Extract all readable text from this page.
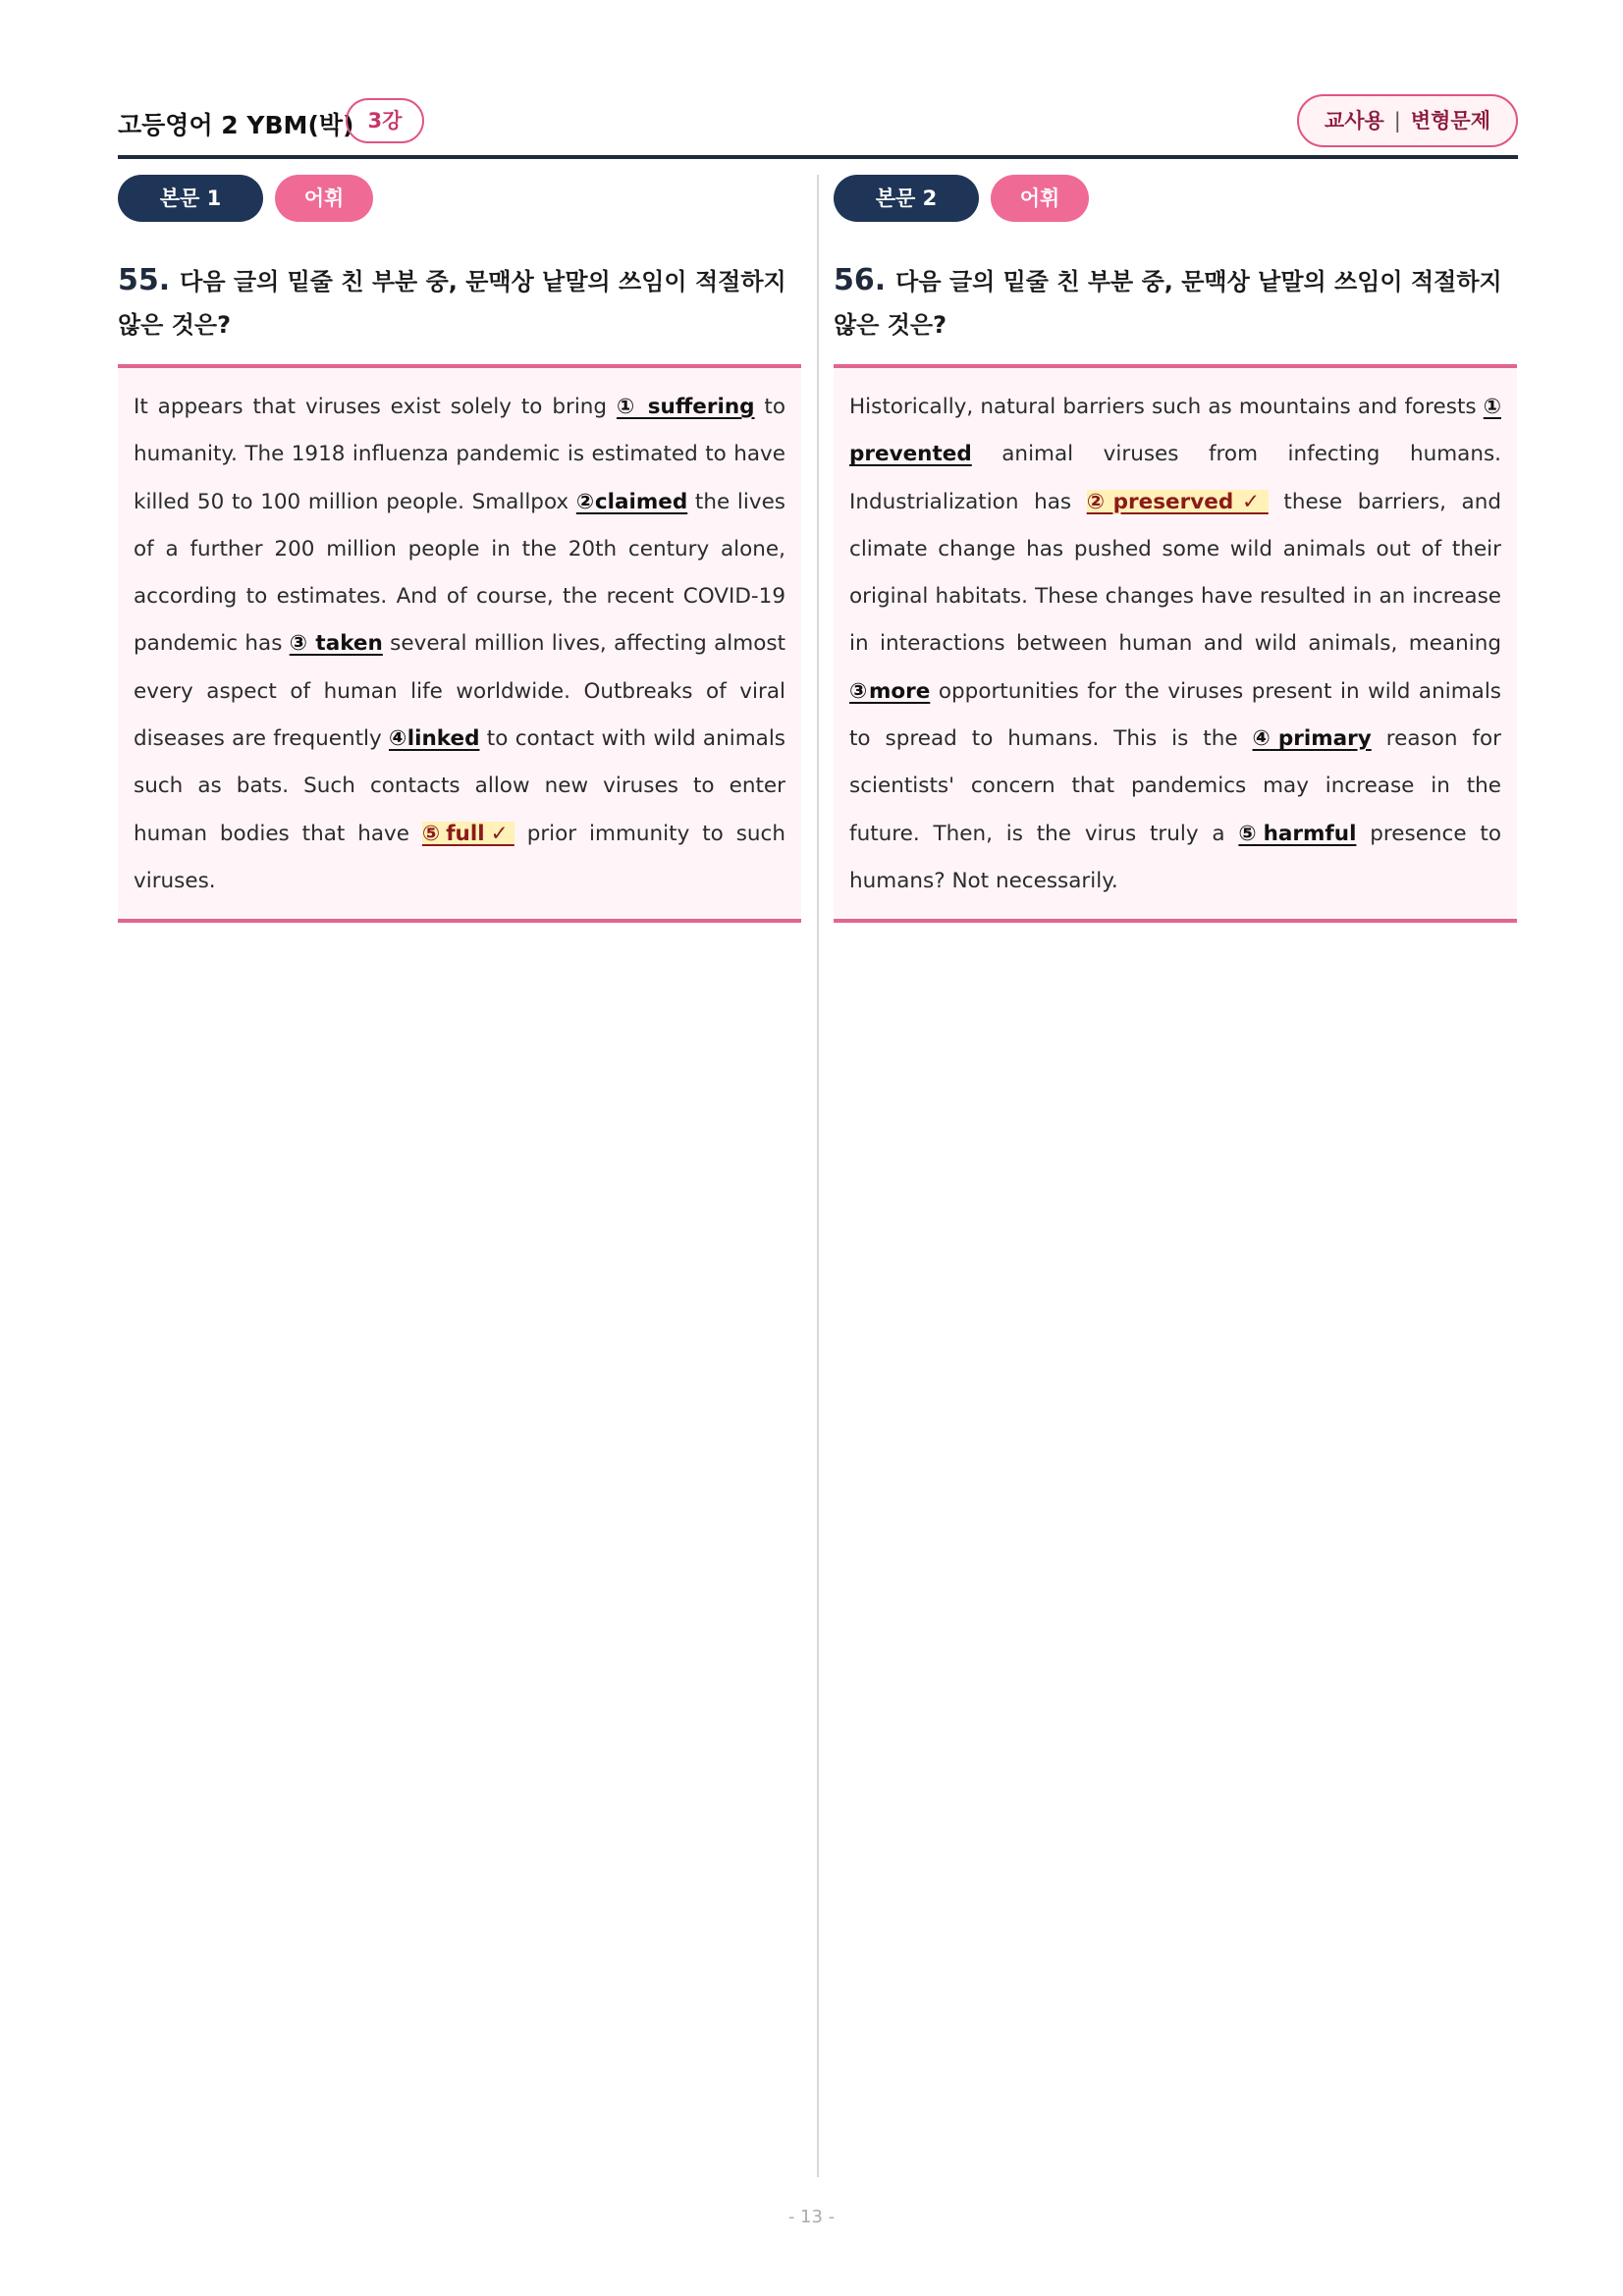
고등영어 2 YBM(박) 3강	교사용 | 변형문제
본문 1	어휘
55. 다음 글의 밑줄 친 부분 중, 문맥상 낱말의 쓰임이 적절하지 않은 것은?
It appears that viruses exist solely to bring ① suffering to humanity. The 1918 influenza pandemic is estimated to have killed 50 to 100 million people. Smallpox ②claimed the lives of a further 200 million people in the 20th century alone, according to estimates. And of course, the recent COVID-19 pandemic has ③ taken several million lives, affecting almost every aspect of human life worldwide. Outbreaks of viral diseases are frequently ④linked to contact with wild animals such as bats. Such contacts allow new viruses to enter human bodies that have ⑤full✓ prior immunity to such viruses.
본문 2	어휘
56. 다음 글의 밑줄 친 부분 중, 문맥상 낱말의 쓰임이 적절하지 않은 것은?
Historically, natural barriers such as mountains and forests ① prevented animal viruses from infecting humans. Industrialization has ②preserved✓ these barriers, and climate change has pushed some wild animals out of their original habitats. These changes have resulted in an increase in interactions between human and wild animals, meaning ③more opportunities for the viruses present in wild animals to spread to humans. This is the ④primary reason for scientists' concern that pandemics may increase in the future. Then, is the virus truly a ⑤harmful presence to humans? Not necessarily.
- 13 -
